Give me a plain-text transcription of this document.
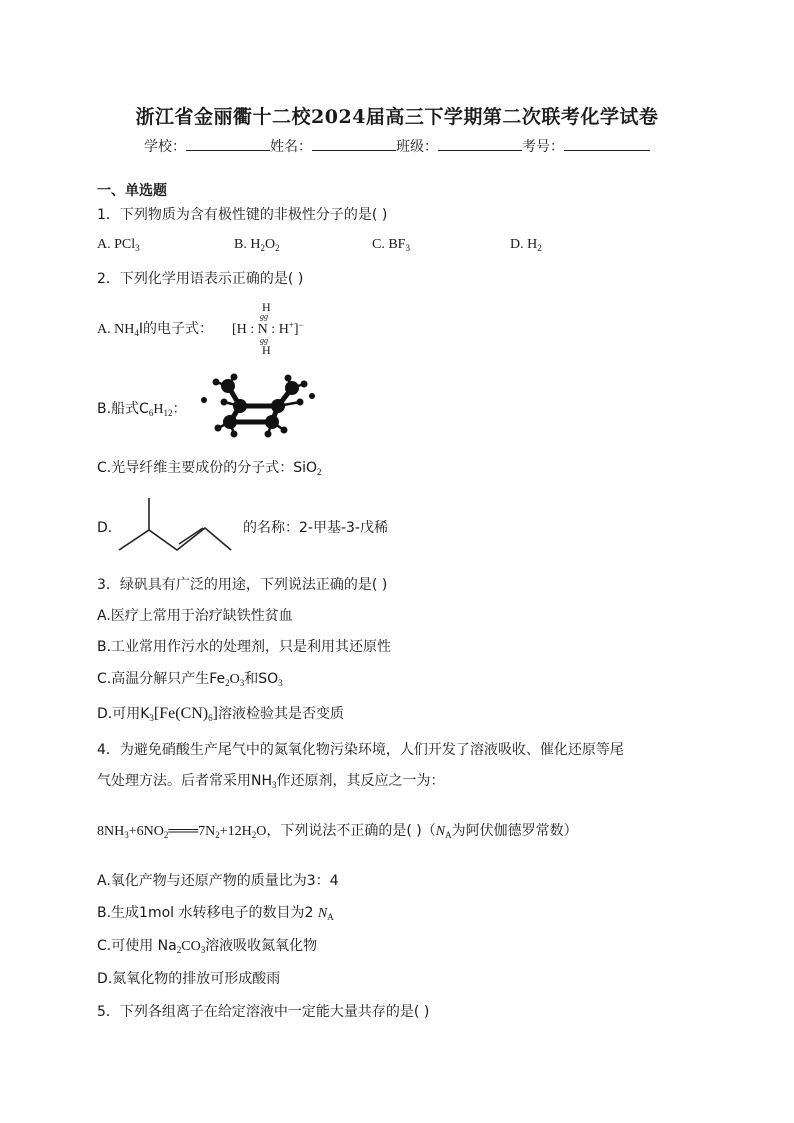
浙江省金丽衢十二校2024届高三下学期第二次联考化学试卷
学校：	姓名：	班级：	考号：
一、单选题
1．下列物质为含有极性键的非极性分子的是( )
A. PCl$_3$	B. $H_2O_2$	C. $BF_3$	D. $H_2$
2．下列化学用语表示正确的是( )
A. $NH_4I$的电子式：
H
gg
[H : N : H+]−
gg
H
B.船式$C_6H_{12}$：
C.光导纤维主要成份的分子式：SiO$_2$
D.	的名称：2-甲基-3-戊稀
3．绿矾具有广泛的用途，下列说法正确的是( )
A.医疗上常用于治疗缺铁性贫血
B.工业常用作污水的处理剂，只是利用其还原性
C.高温分解只产生$Fe_2O_3$和$SO_3$
D.可用$K_3[Fe(CN)_6]$溶液检验其是否变质
4．为避免硝酸生产尾气中的氮氧化物污染环境，人们开发了溶液吸收、催化还原等尾
气处理方法。后者常采用$NH_3$作还原剂，其反应之一为：
$8NH_3+6NO_2═══7N_2+12H_2O$，下列说法不正确的是( )（$N_A$为阿伏伽德罗常数）
A.氧化产物与还原产物的质量比为3：4
B.生成1mol 水转移电子的数目为2 $N_A$
C.可使用 $Na_2CO_3$溶液吸收氮氧化物
D.氮氧化物的排放可形成酸雨
5．下列各组离子在给定溶液中一定能大量共存的是( )
